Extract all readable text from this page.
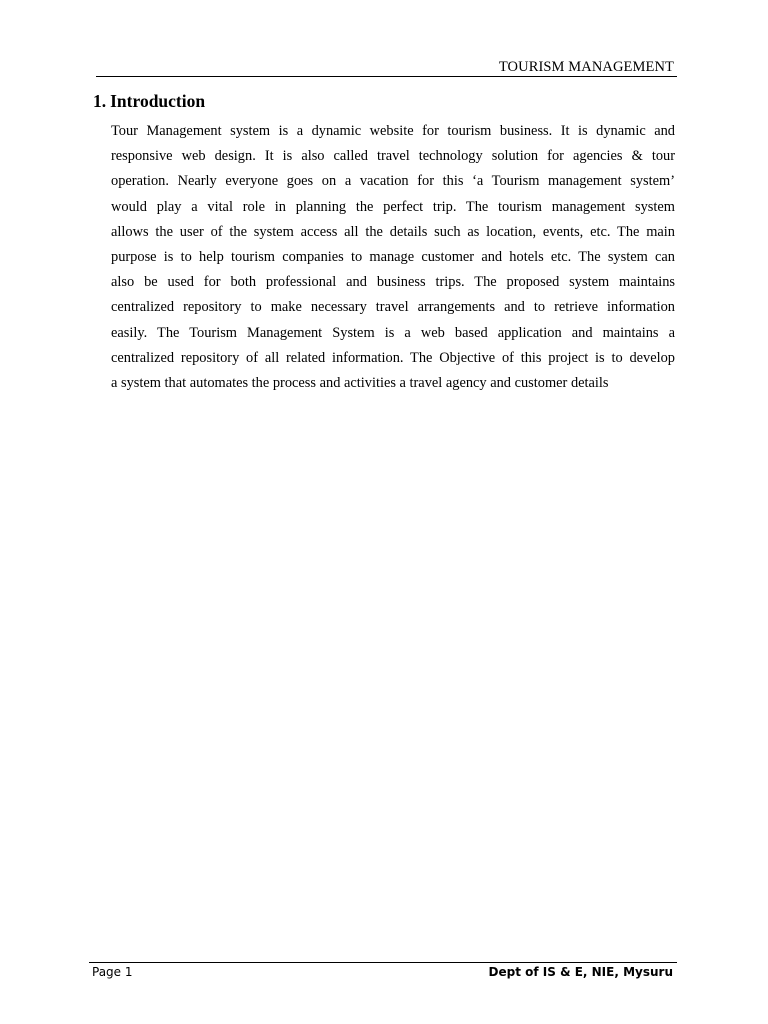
TOURISM MANAGEMENT
1. Introduction

Tour Management system is a dynamic website for tourism business. It is dynamic and
responsive web design. It is also called travel technology solution for agencies & tour
operation. Nearly everyone goes on a vacation for this ‘a Tourism management system’
would play a vital role in planning the perfect trip. The tourism management system
allows the user of the system access all the details such as location, events, etc. The main
purpose is to help tourism companies to manage customer and hotels etc. The system can
also be used for both professional and business trips. The proposed system maintains
centralized repository to make necessary travel arrangements and to retrieve information
easily. The Tourism Management System is a web based application and maintains a
centralized repository of all related information. The Objective of this project is to develop
a system that automates the process and activities a travel agency and customer details

Page 1	Dept of IS & E, NIE, Mysuru
